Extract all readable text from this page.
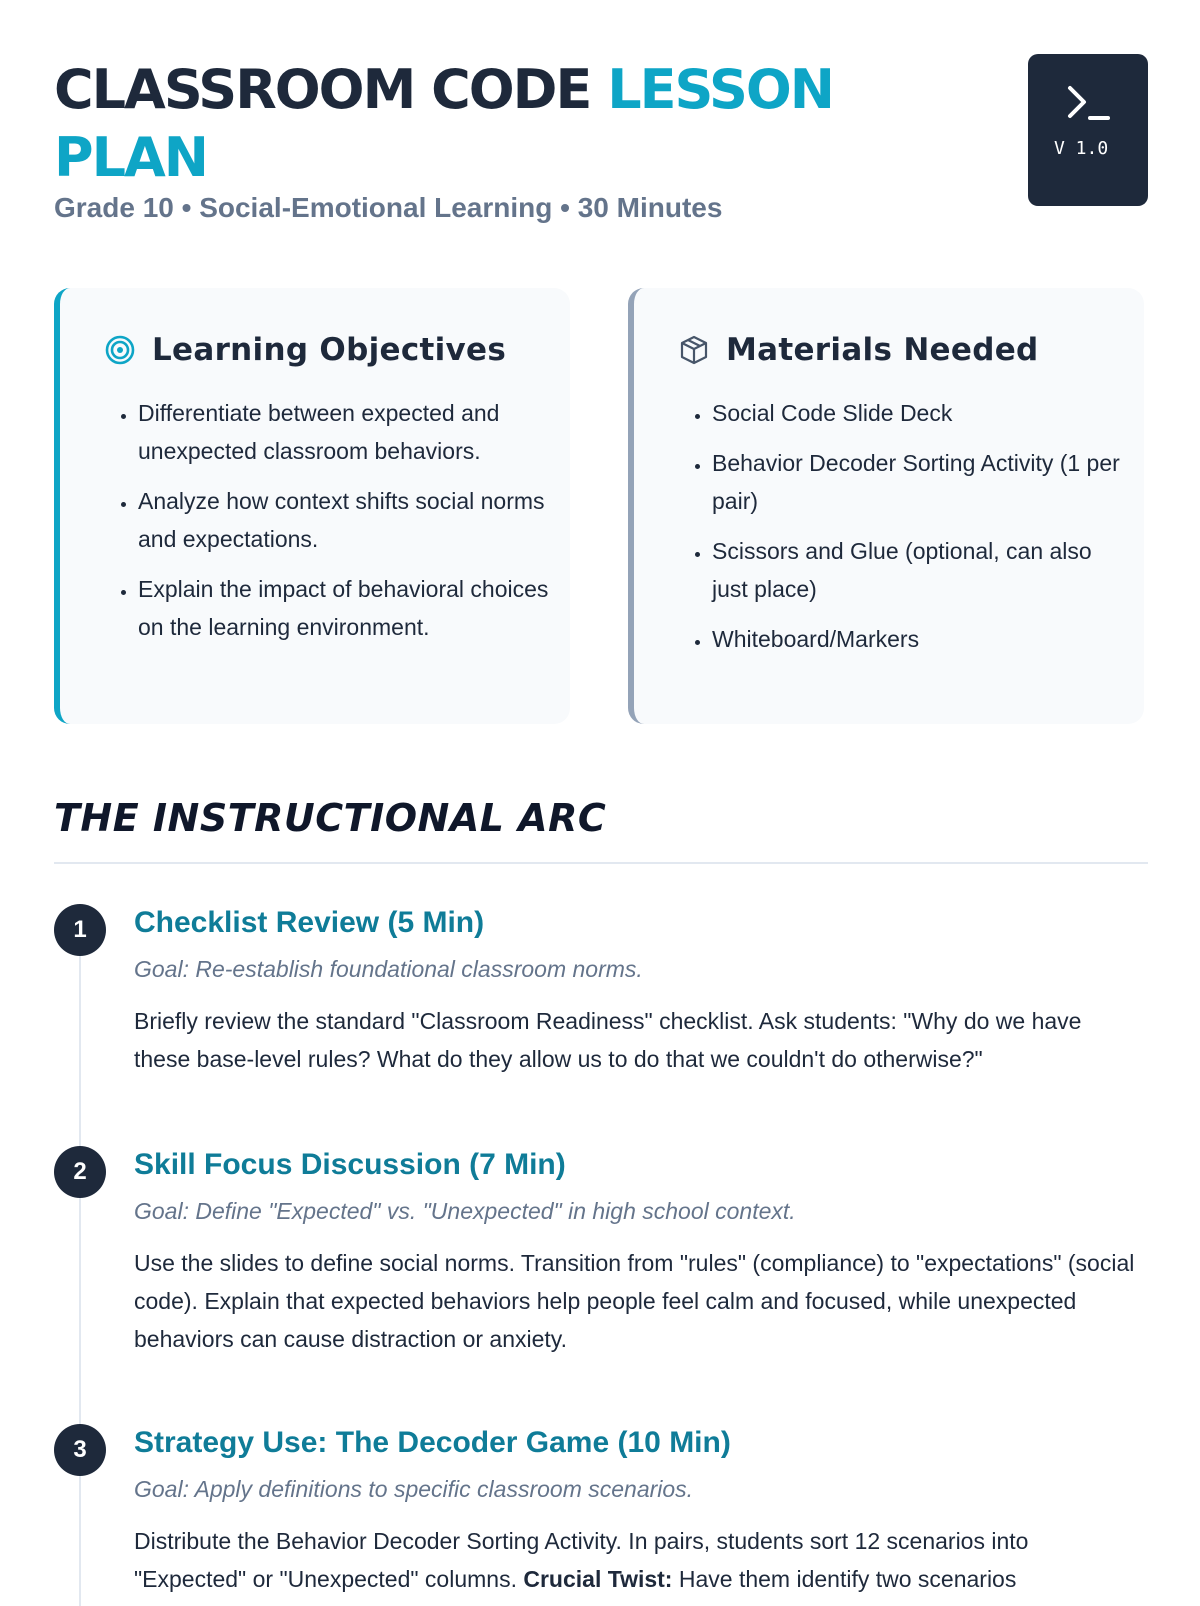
CLASSROOM CODE LESSON PLAN

Grade 10 • Social-Emotional Learning • 30 Minutes

V 1.0
Learning Objectives
• Differentiate between expected and unexpected classroom behaviors.
• Analyze how context shifts social norms and expectations.
• Explain the impact of behavioral choices on the learning environment.
Materials Needed
• Social Code Slide Deck
• Behavior Decoder Sorting Activity (1 per pair)
• Scissors and Glue (optional, can also just place)
• Whiteboard/Markers
THE INSTRUCTIONAL ARC
1	Checklist Review (5 Min)

Goal: Re-establish foundational classroom norms.

Briefly review the standard "Classroom Readiness" checklist. Ask students: "Why do we have these base-level rules? What do they allow us to do that we couldn't do otherwise?"

2	Skill Focus Discussion (7 Min)

Goal: Define "Expected" vs. "Unexpected" in high school context.

Use the slides to define social norms. Transition from "rules" (compliance) to "expectations" (social code). Explain that expected behaviors help people feel calm and focused, while unexpected behaviors can cause distraction or anxiety.

3	Strategy Use: The Decoder Game (10 Min)

Goal: Apply definitions to specific classroom scenarios.

Distribute the Behavior Decoder Sorting Activity. In pairs, students sort 12 scenarios into "Expected" or "Unexpected" columns. Crucial Twist: Have them identify two scenarios
